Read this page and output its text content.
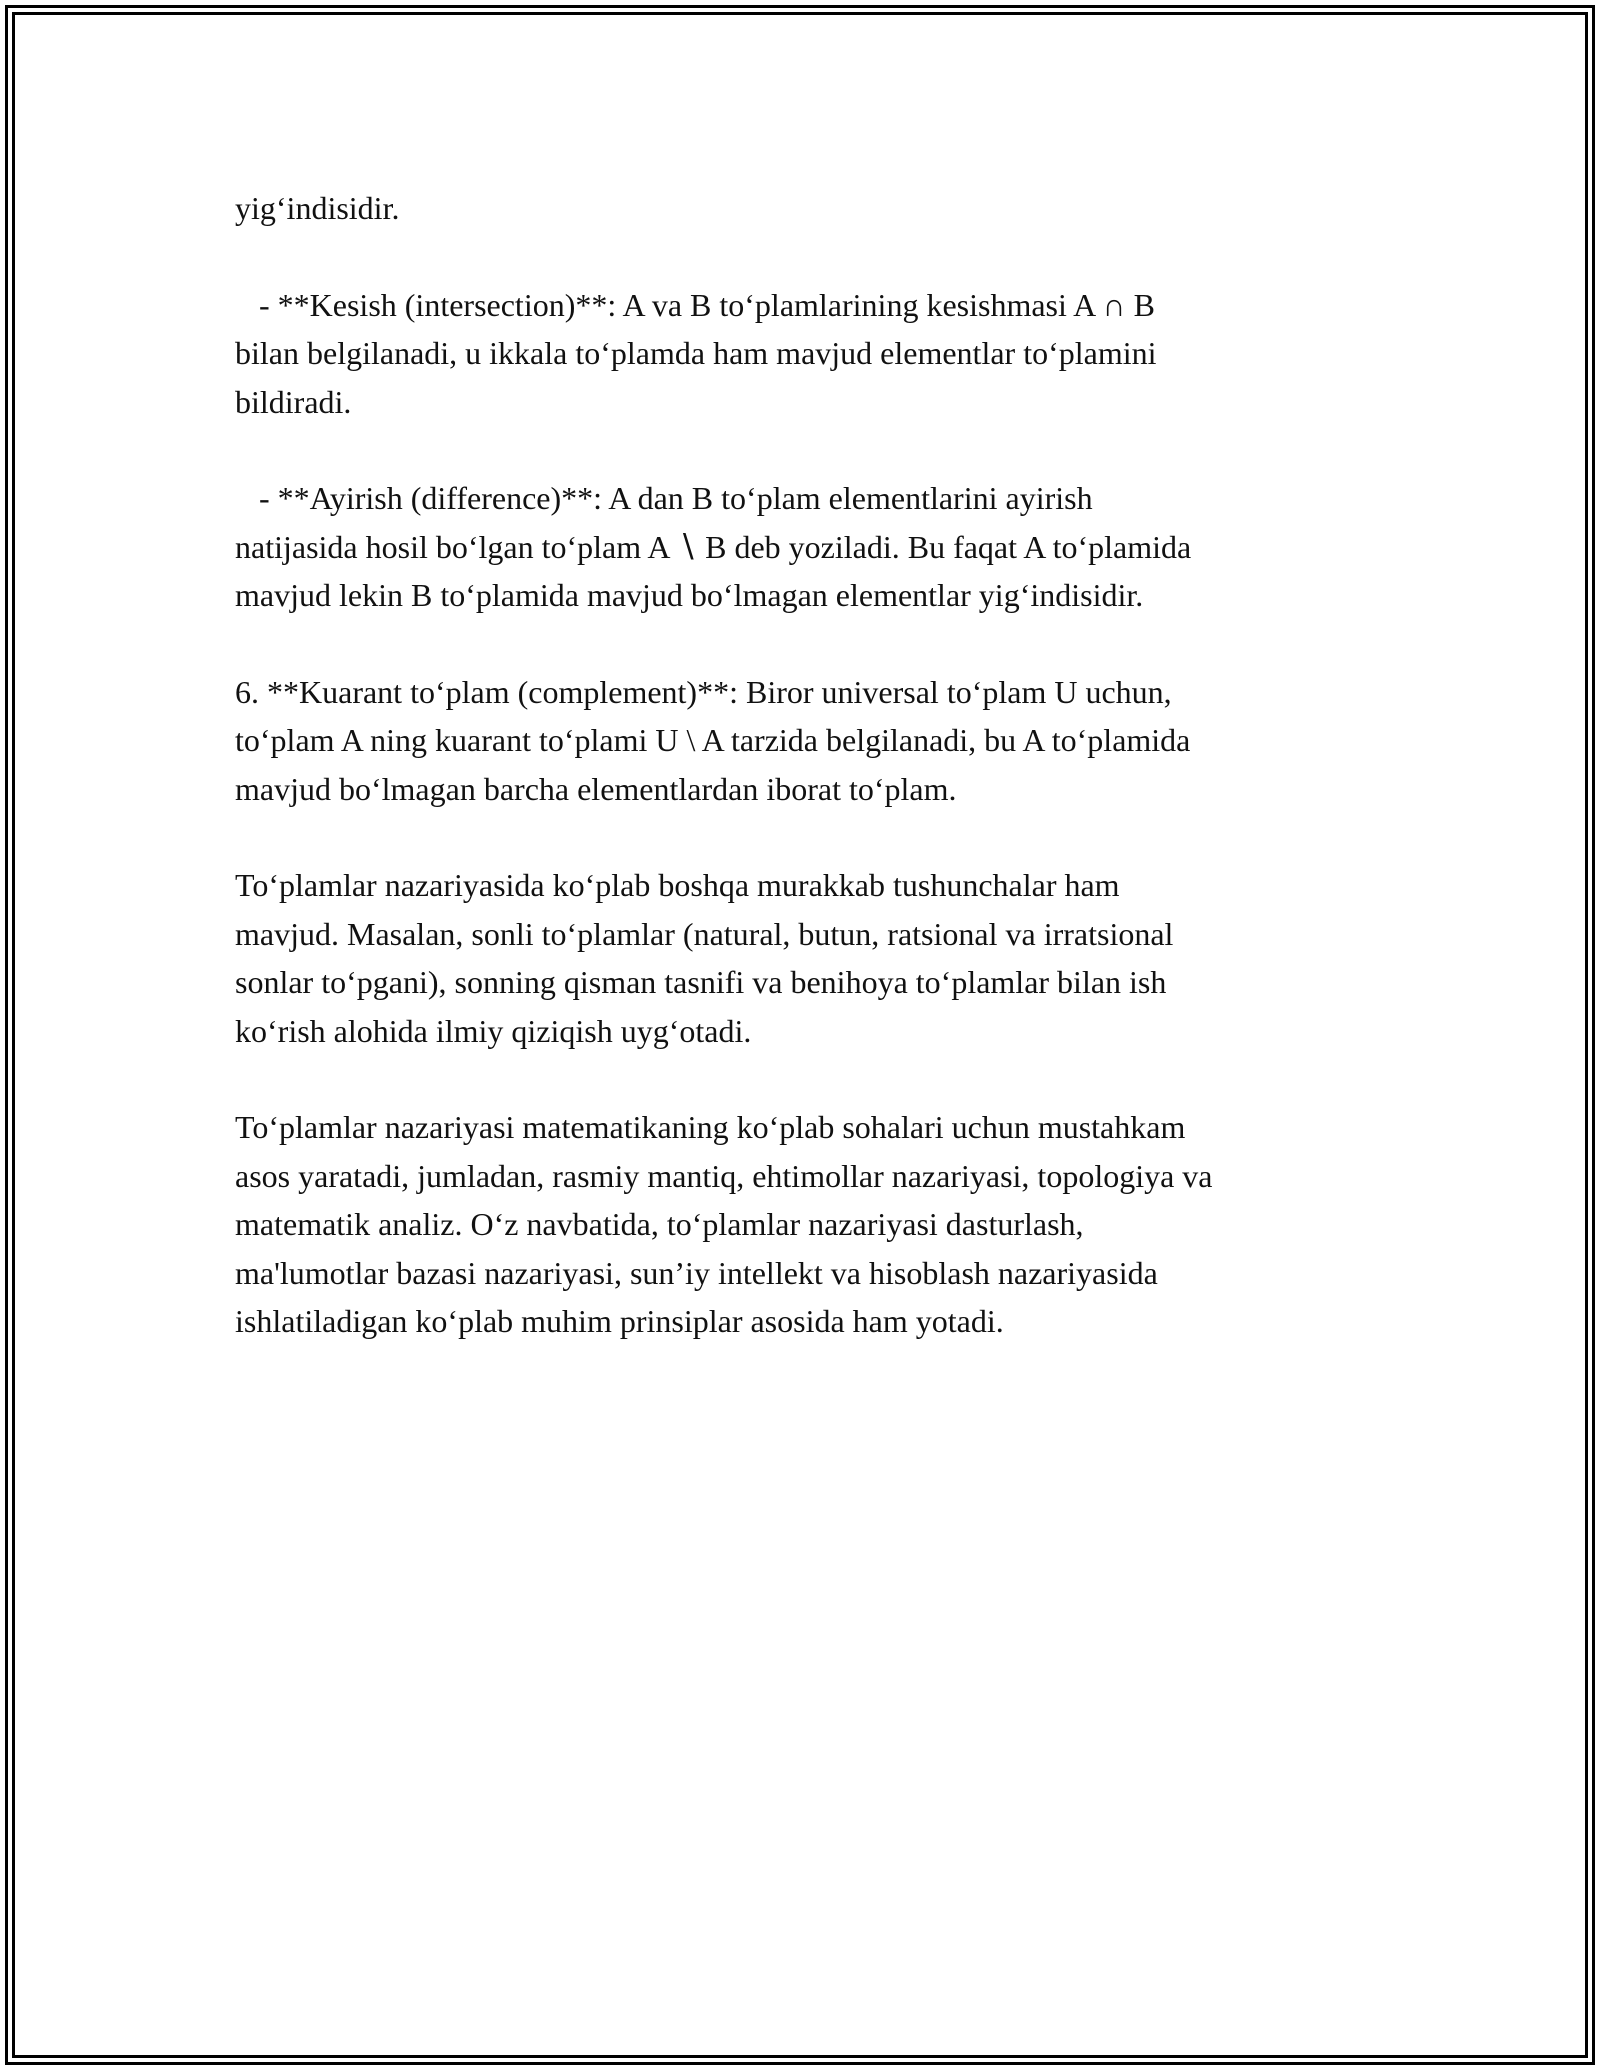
yig‘indisidir.

- **Kesish (intersection)**: A va B to‘plamlarining kesishmasi A ∩ B
bilan belgilanadi, u ikkala to‘plamda ham mavjud elementlar to‘plamini
bildiradi.

- **Ayirish (difference)**: A dan B to‘plam elementlarini ayirish
natijasida hosil bo‘lgan to‘plam A ∖ B deb yoziladi. Bu faqat A to‘plamida
mavjud lekin B to‘plamida mavjud bo‘lmagan elementlar yig‘indisidir.

6. **Kuarant to‘plam (complement)**: Biror universal to‘plam U uchun,
to‘plam A ning kuarant to‘plami U \ A tarzida belgilanadi, bu A to‘plamida
mavjud bo‘lmagan barcha elementlardan iborat to‘plam.

To‘plamlar nazariyasida ko‘plab boshqa murakkab tushunchalar ham
mavjud. Masalan, sonli to‘plamlar (natural, butun, ratsional va irratsional
sonlar to‘pgani), sonning qisman tasnifi va benihoya to‘plamlar bilan ish
ko‘rish alohida ilmiy qiziqish uyg‘otadi.

To‘plamlar nazariyasi matematikaning ko‘plab sohalari uchun mustahkam
asos yaratadi, jumladan, rasmiy mantiq, ehtimollar nazariyasi, topologiya va
matematik analiz. O‘z navbatida, to‘plamlar nazariyasi dasturlash,
ma'lumotlar bazasi nazariyasi, sun’iy intellekt va hisoblash nazariyasida
ishlatiladigan ko‘plab muhim prinsiplar asosida ham yotadi.
